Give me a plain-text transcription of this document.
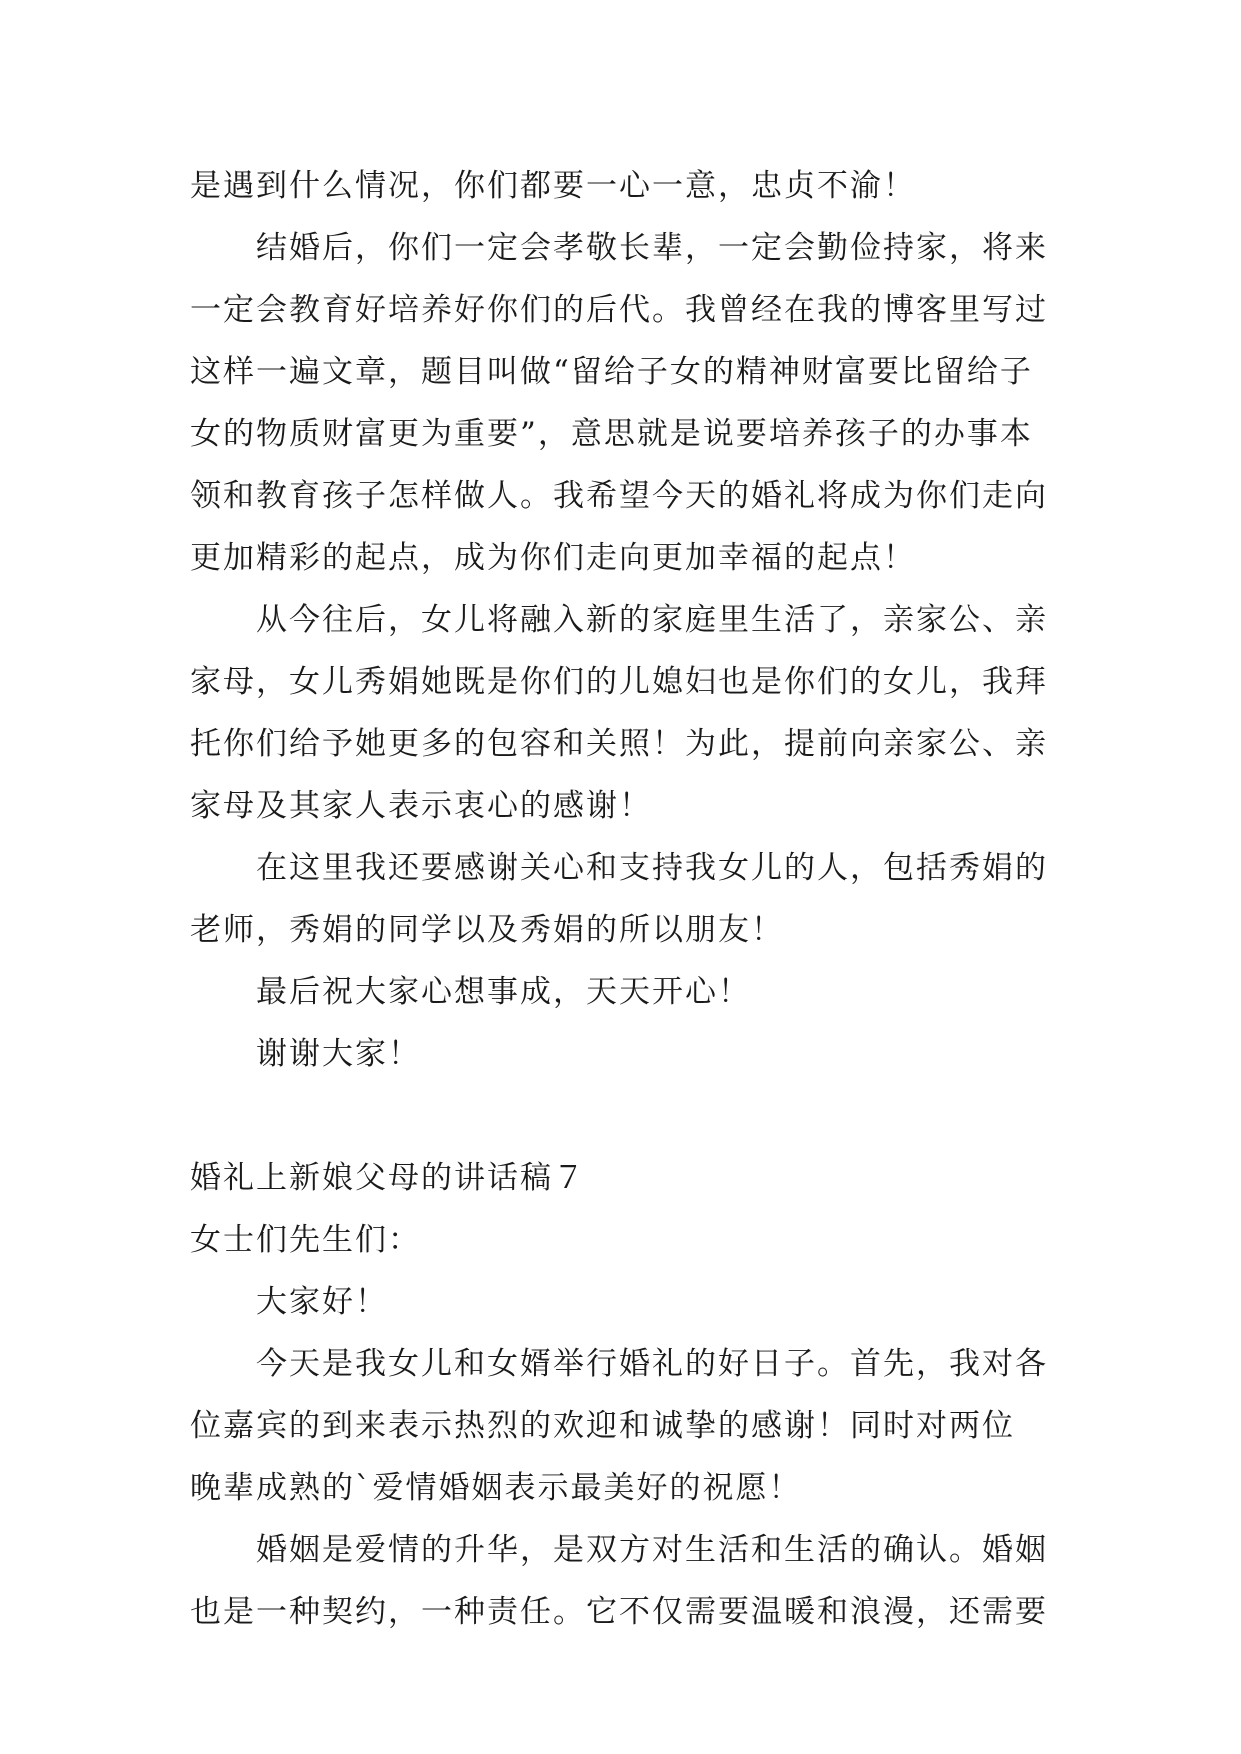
是遇到什么情况，你们都要一心一意，忠贞不渝！
结婚后，你们一定会孝敬长辈，一定会勤俭持家，将来
一定会教育好培养好你们的后代。我曾经在我的博客里写过
这样一遍文章，题目叫做“留给子女的精神财富要比留给子
女的物质财富更为重要”，意思就是说要培养孩子的办事本
领和教育孩子怎样做人。我希望今天的婚礼将成为你们走向
更加精彩的起点，成为你们走向更加幸福的起点！
从今往后，女儿将融入新的家庭里生活了，亲家公、亲
家母，女儿秀娟她既是你们的儿媳妇也是你们的女儿，我拜
托你们给予她更多的包容和关照！为此，提前向亲家公、亲
家母及其家人表示衷心的感谢！
在这里我还要感谢关心和支持我女儿的人，包括秀娟的
老师，秀娟的同学以及秀娟的所以朋友！
最后祝大家心想事成，天天开心！
谢谢大家！
婚礼上新娘父母的讲话稿７
女士们先生们：
大家好！
今天是我女儿和女婿举行婚礼的好日子。首先，我对各
位嘉宾的到来表示热烈的欢迎和诚挚的感谢！同时对两位
晚辈成熟的`爱情婚姻表示最美好的祝愿！
婚姻是爱情的升华，是双方对生活和生活的确认。婚姻
也是一种契约，一种责任。它不仅需要温暖和浪漫，还需要
